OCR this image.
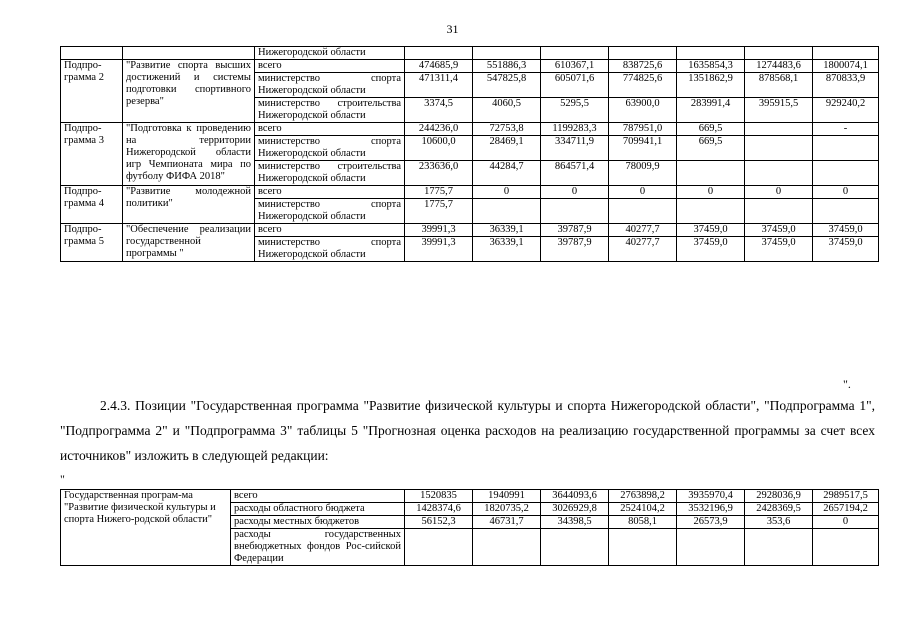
31
		Нижегородской области							
Подпро-грамма 2	"Развитие спорта высших достижений и системы подготовки спортивного резерва"	всего	474685,9	551886,3	610367,1	838725,6	1635854,3	1274483,6	1800074,1
		министерство спорта Нижегородской области	471311,4	547825,8	605071,6	774825,6	1351862,9	878568,1	870833,9
		министерство строительства Нижегородской области	3374,5	4060,5	5295,5	63900,0	283991,4	395915,5	929240,2
Подпро-грамма 3	"Подготовка к проведению на территории Нижегородской области игр Чемпионата мира по футболу ФИФА 2018"	всего	244236,0	72753,8	1199283,3	787951,0	669,5		-
		министерство спорта Нижегородской области	10600,0	28469,1	334711,9	709941,1	669,5		
		министерство строительства Нижегородской области	233636,0	44284,7	864571,4	78009,9			
Подпро-грамма 4	"Развитие молодежной политики"	всего	1775,7	0	0	0	0	0	0
		министерство спорта Нижегородской области	1775,7						
Подпро-грамма 5	"Обеспечение реализации государственной программы "	всего	39991,3	36339,1	39787,9	40277,7	37459,0	37459,0	37459,0
		министерство спорта Нижегородской области	39991,3	36339,1	39787,9	40277,7	37459,0	37459,0	37459,0
".

2.4.3. Позиции "Государственная программа "Развитие физической культуры и спорта Нижегородской области", "Подпрограмма 1", "Подпрограмма 2" и "Подпрограмма 3" таблицы 5 "Прогнозная оценка расходов на реализацию государственной программы за счет всех источников" изложить в следующей редакции:

"
Государственная програм-ма "Развитие физической культуры и спорта Нижего-родской области"	всего	1520835	1940991	3644093,6	2763898,2	3935970,4	2928036,9	2989517,5
	расходы областного бюджета	1428374,6	1820735,2	3026929,8	2524104,2	3532196,9	2428369,5	2657194,2
	расходы местных бюджетов	56152,3	46731,7	34398,5	8058,1	26573,9	353,6	0
	расходы государственных внебюджетных фондов Рос-сийской Федерации							
